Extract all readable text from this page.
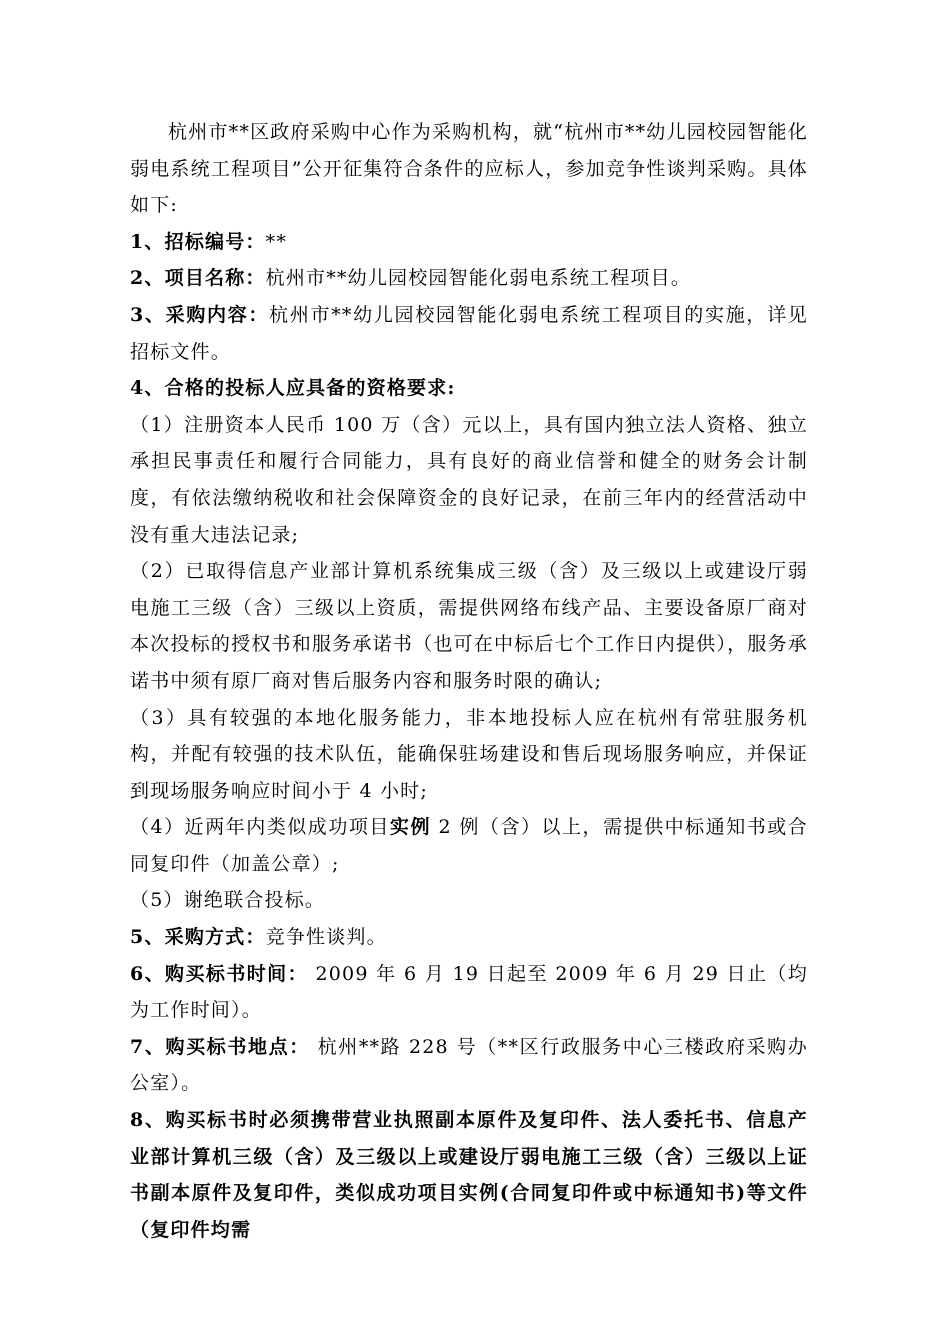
杭州市**区政府采购中心作为采购机构，就“杭州市**幼儿园校园智能化弱电系统工程项目”公开征集符合条件的应标人，参加竞争性谈判采购。具体如下:

1、招标编号：**

2、项目名称：杭州市**幼儿园校园智能化弱电系统工程项目。

3、采购内容：杭州市**幼儿园校园智能化弱电系统工程项目的实施，详见招标文件。

4、合格的投标人应具备的资格要求:

（1）注册资本人民币 100 万（含）元以上，具有国内独立法人资格、独立承担民事责任和履行合同能力，具有良好的商业信誉和健全的财务会计制度，有依法缴纳税收和社会保障资金的良好记录，在前三年内的经营活动中没有重大违法记录;

（2）已取得信息产业部计算机系统集成三级（含）及三级以上或建设厅弱电施工三级（含）三级以上资质，需提供网络布线产品、主要设备原厂商对本次投标的授权书和服务承诺书（也可在中标后七个工作日内提供），服务承诺书中须有原厂商对售后服务内容和服务时限的确认;

（3）具有较强的本地化服务能力，非本地投标人应在杭州有常驻服务机构，并配有较强的技术队伍，能确保驻场建设和售后现场服务响应，并保证到现场服务响应时间小于 4 小时;

（4）近两年内类似成功项目实例 2 例（含）以上，需提供中标通知书或合同复印件（加盖公章）;

（5）谢绝联合投标。

5、采购方式：竞争性谈判。

6、购买标书时间： 2009 年 6 月 19 日起至 2009 年 6 月 29 日止（均为工作时间）。

7、购买标书地点： 杭州**路 228 号（**区行政服务中心三楼政府采购办公室）。

8、购买标书时必须携带营业执照副本原件及复印件、法人委托书、信息产业部计算机三级（含）及三级以上或建设厅弱电施工三级（含）三级以上证书副本原件及复印件，类似成功项目实例(合同复印件或中标通知书)等文件（复印件均需
